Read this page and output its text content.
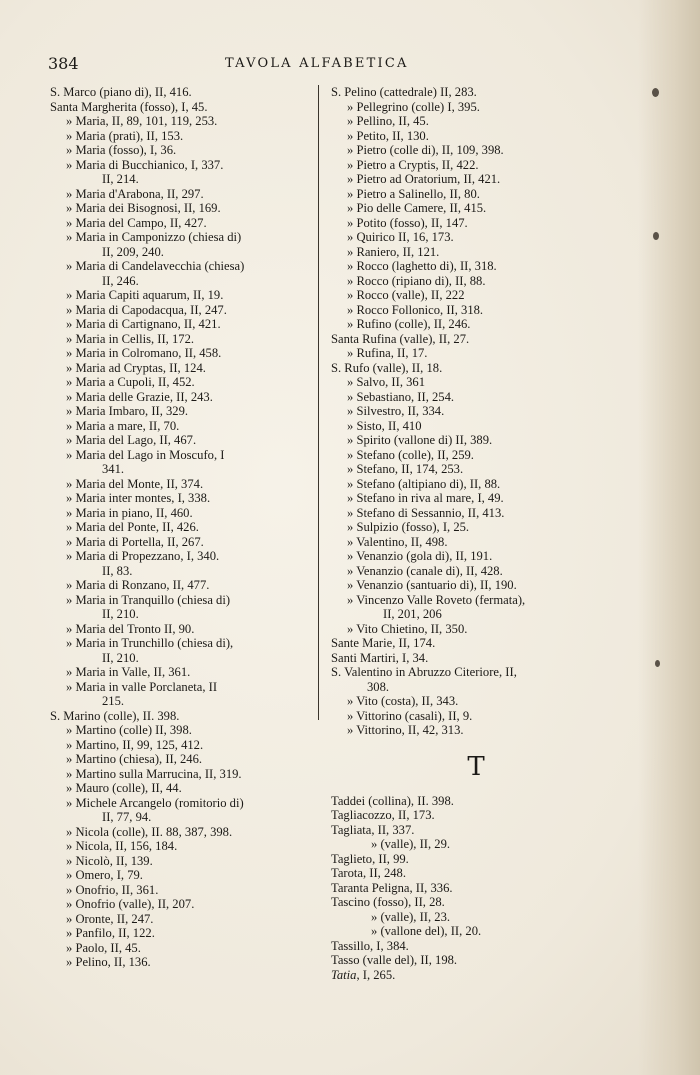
384	TAVOLA ALFABETICA
S. Marco (piano di), II, 416.
Santa Margherita (fosso), I, 45.
» Maria, II, 89, 101, 119, 253.
» Maria (prati), II, 153.
» Maria (fosso), I, 36.
» Maria di Bucchianico, I, 337.
II, 214.
» Maria d'Arabona, II, 297.
» Maria dei Bisognosi, II, 169.
» Maria del Campo, II, 427.
» Maria in Camponizzo (chiesa di)
II, 209, 240.
» Maria di Candelavecchia (chiesa)
II, 246.
» Maria Capiti aquarum, II, 19.
» Maria di Capodacqua, II, 247.
» Maria di Cartignano, II, 421.
» Maria in Cellis, II, 172.
» Maria in Colromano, II, 458.
» Maria ad Cryptas, II, 124.
» Maria a Cupoli, II, 452.
» Maria delle Grazie, II, 243.
» Maria Imbaro, II, 329.
» Maria a mare, II, 70.
» Maria del Lago, II, 467.
» Maria del Lago in Moscufo, I
341.
» Maria del Monte, II, 374.
» Maria inter montes, I, 338.
» Maria in piano, II, 460.
» Maria del Ponte, II, 426.
» Maria di Portella, II, 267.
» Maria di Propezzano, I, 340.
II, 83.
» Maria di Ronzano, II, 477.
» Maria in Tranquillo (chiesa di)
II, 210.
» Maria del Tronto II, 90.
» Maria in Trunchillo (chiesa di),
II, 210.
» Maria in Valle, II, 361.
» Maria in valle Porclaneta, II
215.
S. Marino (colle), II. 398.
» Martino (colle) II, 398.
» Martino, II, 99, 125, 412.
» Martino (chiesa), II, 246.
» Martino sulla Marrucina, II, 319.
» Mauro (colle), II, 44.
» Michele Arcangelo (romitorio di)
II, 77, 94.
» Nicola (colle), II. 88, 387, 398.
» Nicola, II, 156, 184.
» Nicolò, II, 139.
» Omero, I, 79.
» Onofrio, II, 361.
» Onofrio (valle), II, 207.
» Oronte, II, 247.
» Panfilo, II, 122.
» Paolo, II, 45.
» Pelino, II, 136.
S. Pelino (cattedrale) II, 283.
» Pellegrino (colle) I, 395.
» Pellino, II, 45.
» Petito, II, 130.
» Pietro (colle di), II, 109, 398.
» Pietro a Cryptis, II, 422.
» Pietro ad Oratorium, II, 421.
» Pietro a Salinello, II, 80.
» Pio delle Camere, II, 415.
» Potito (fosso), II, 147.
» Quirico II, 16, 173.
» Raniero, II, 121.
» Rocco (laghetto di), II, 318.
» Rocco (ripiano di), II, 88.
» Rocco (valle), II, 222
» Rocco Follonico, II, 318.
» Rufino (colle), II, 246.
Santa Rufina (valle), II, 27.
» Rufina, II, 17.
S. Rufo (valle), II, 18.
» Salvo, II, 361
» Sebastiano, II, 254.
» Silvestro, II, 334.
» Sisto, II, 410
» Spirito (vallone di) II, 389.
» Stefano (colle), II, 259.
» Stefano, II, 174, 253.
» Stefano (altipiano di), II, 88.
» Stefano in riva al mare, I, 49.
» Stefano di Sessannio, II, 413.
» Sulpizio (fosso), I, 25.
» Valentino, II, 498.
» Venanzio (gola di), II, 191.
» Venanzio (canale di), II, 428.
» Venanzio (santuario di), II, 190.
» Vincenzo Valle Roveto (fermata),
II, 201, 206
» Vito Chietino, II, 350.
Sante Marie, II, 174.
Santi Martiri, I, 34.
S. Valentino in Abruzzo Citeriore, II,
308.
» Vito (costa), II, 343.
» Vittorino (casali), II, 9.
» Vittorino, II, 42, 313.
T
Taddei (collina), II. 398.
Tagliacozzo, II, 173.
Tagliata, II, 337.
» (valle), II, 29.
Taglieto, II, 99.
Tarota, II, 248.
Taranta Peligna, II, 336.
Tascino (fosso), II, 28.
» (valle), II, 23.
» (vallone del), II, 20.
Tassillo, I, 384.
Tasso (valle del), II, 198.
Tatia, I, 265.
